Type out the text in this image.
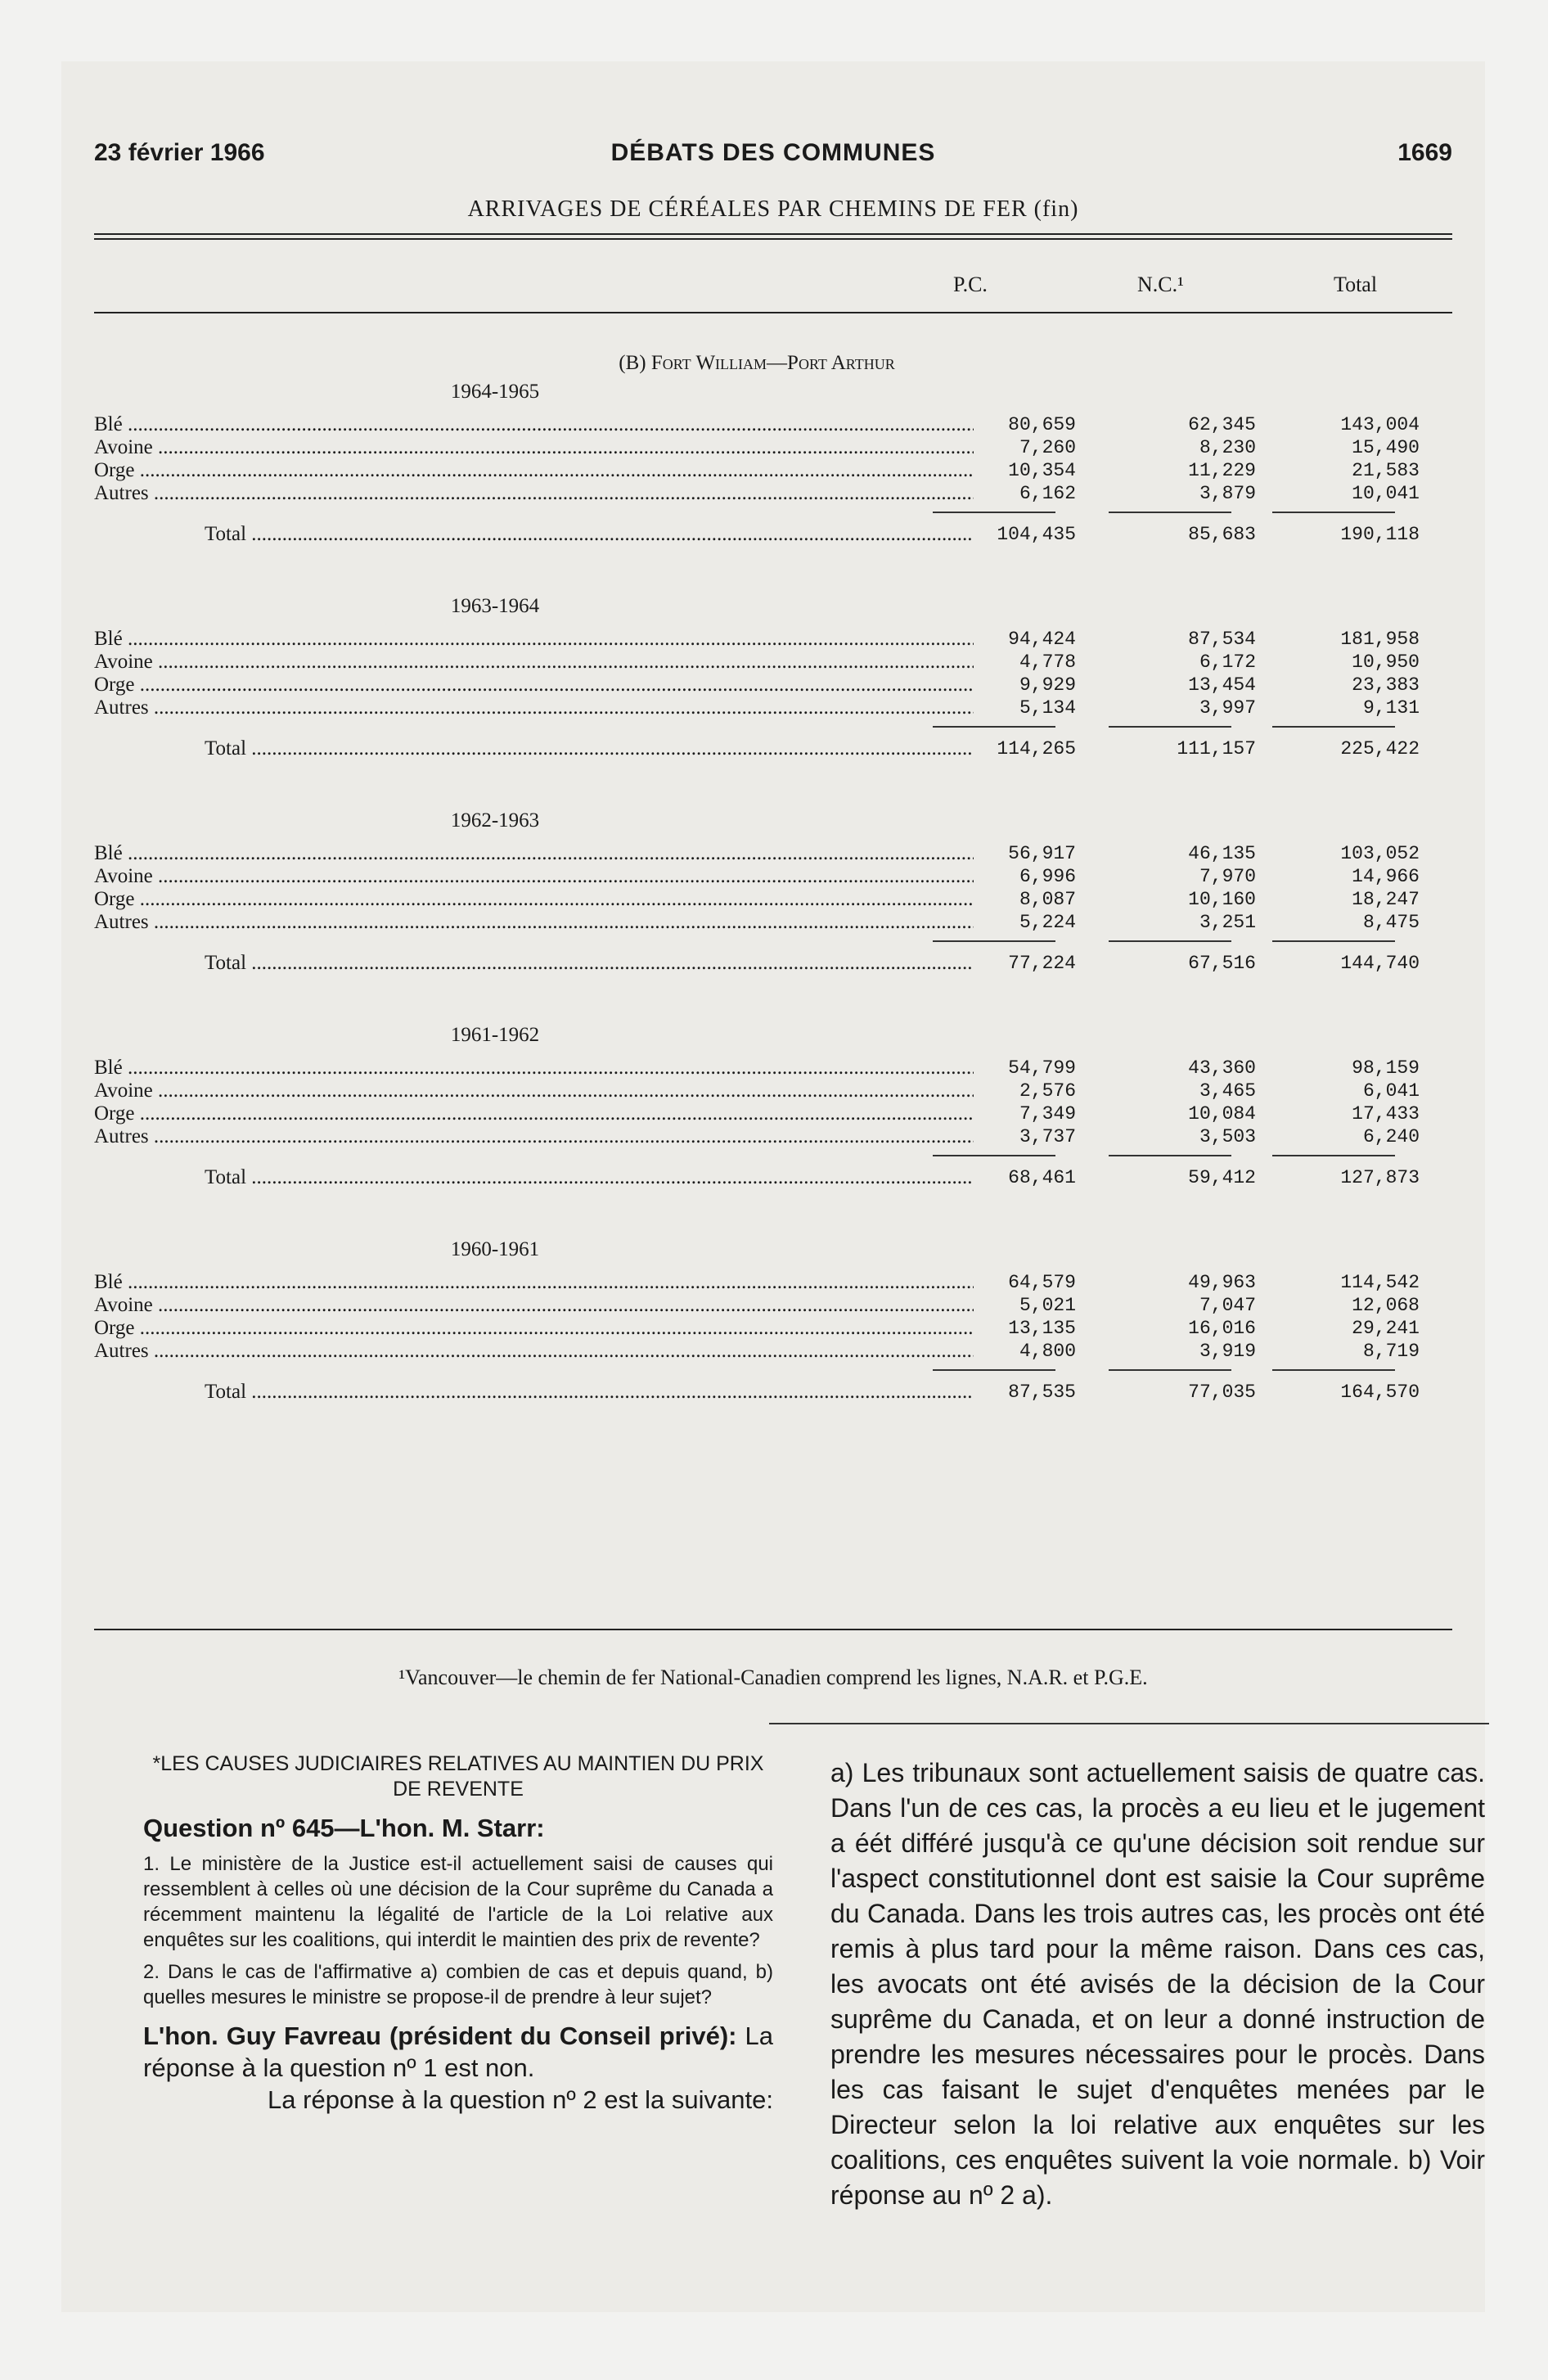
23 février 1966	DÉBATS DES COMMUNES	1669
ARRIVAGES DE CÉRÉALES PAR CHEMINS DE FER (fin)
P.C.	N.C.¹	Total
(B) Fort William—Port Arthur
1964-1965
Blé .....	80,659	62,345	143,004
Avoine .....	7,260	8,230	15,490
Orge .....	10,354	11,229	21,583
Autres .....	6,162	3,879	10,041
Total .....	104,435	85,683	190,118
1963-1964
Blé .....	94,424	87,534	181,958
Avoine .....	4,778	6,172	10,950
Orge .....	9,929	13,454	23,383
Autres .....	5,134	3,997	9,131
Total .....	114,265	111,157	225,422
1962-1963
Blé .....	56,917	46,135	103,052
Avoine .....	6,996	7,970	14,966
Orge .....	8,087	10,160	18,247
Autres .....	5,224	3,251	8,475
Total .....	77,224	67,516	144,740
1961-1962
Blé .....	54,799	43,360	98,159
Avoine .....	2,576	3,465	6,041
Orge .....	7,349	10,084	17,433
Autres .....	3,737	3,503	6,240
Total .....	68,461	59,412	127,873
1960-1961
Blé .....	64,579	49,963	114,542
Avoine .....	5,021	7,047	12,068
Orge .....	13,135	16,016	29,241
Autres .....	4,800	3,919	8,719
Total .....	87,535	77,035	164,570
¹Vancouver—le chemin de fer National-Canadien comprend les lignes, N.A.R. et P.G.E.

*LES CAUSES JUDICIAIRES RELATIVES AU MAINTIEN DU PRIX DE REVENTE

Question nº 645—L'hon. M. Starr:

1. Le ministère de la Justice est-il actuellement saisi de causes qui ressemblent à celles où une décision de la Cour suprême du Canada a récemment maintenu la légalité de l'article de la Loi relative aux enquêtes sur les coalitions, qui interdit le maintien des prix de revente?

2. Dans le cas de l'affirmative a) combien de cas et depuis quand, b) quelles mesures le ministre se propose-il de prendre à leur sujet?

L'hon. Guy Favreau (président du Conseil privé): La réponse à la question nº 1 est non.

La réponse à la question nº 2 est la suivante:

a) Les tribunaux sont actuellement saisis de quatre cas. Dans l'un de ces cas, la procès a eu lieu et le jugement a éét différé jusqu'à ce qu'une décision soit rendue sur l'aspect constitutionnel dont est saisie la Cour suprême du Canada. Dans les trois autres cas, les procès ont été remis à plus tard pour la même raison. Dans ces cas, les avocats ont été avisés de la décision de la Cour suprême du Canada, et on leur a donné instruction de prendre les mesures nécessaires pour le procès. Dans les cas faisant le sujet d'enquêtes menées par le Directeur selon la loi relative aux enquêtes sur les coalitions, ces enquêtes suivent la voie normale. b) Voir réponse au nº 2 a).
